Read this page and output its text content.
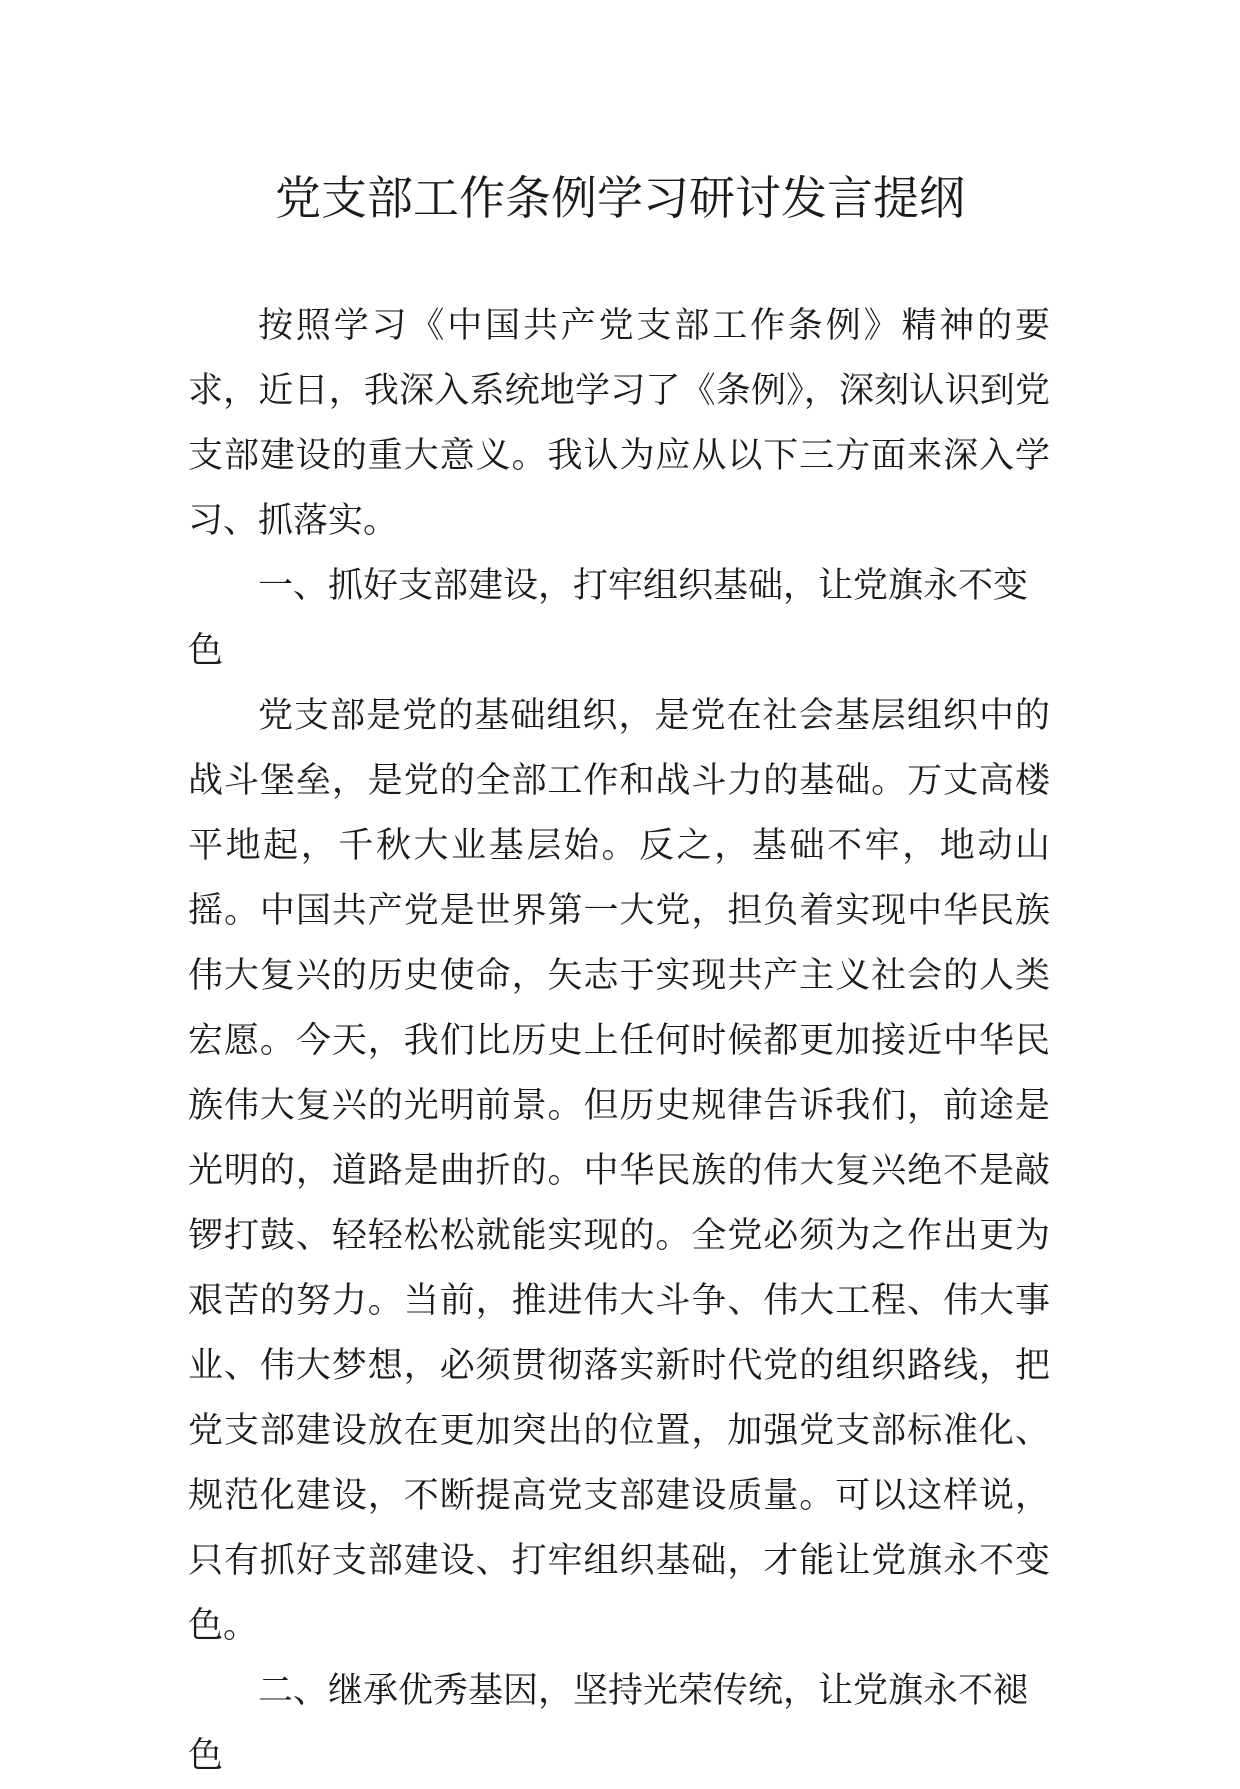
党支部工作条例学习研讨发言提纲

按照学习《中国共产党支部工作条例》精神的要求，近日，我深入系统地学习了《条例》，深刻认识到党支部建设的重大意义。我认为应从以下三方面来深入学习、抓落实。

一、抓好支部建设，打牢组织基础，让党旗永不变色

党支部是党的基础组织，是党在社会基层组织中的战斗堡垒，是党的全部工作和战斗力的基础。万丈高楼平地起，千秋大业基层始。反之，基础不牢，地动山摇。中国共产党是世界第一大党，担负着实现中华民族伟大复兴的历史使命，矢志于实现共产主义社会的人类宏愿。今天，我们比历史上任何时候都更加接近中华民族伟大复兴的光明前景。但历史规律告诉我们，前途是光明的，道路是曲折的。中华民族的伟大复兴绝不是敲锣打鼓、轻轻松松就能实现的。全党必须为之作出更为艰苦的努力。当前，推进伟大斗争、伟大工程、伟大事业、伟大梦想，必须贯彻落实新时代党的组织路线，把党支部建设放在更加突出的位置，加强党支部标准化、规范化建设，不断提高党支部建设质量。可以这样说，只有抓好支部建设、打牢组织基础，才能让党旗永不变色。

二、继承优秀基因，坚持光荣传统，让党旗永不褪色
